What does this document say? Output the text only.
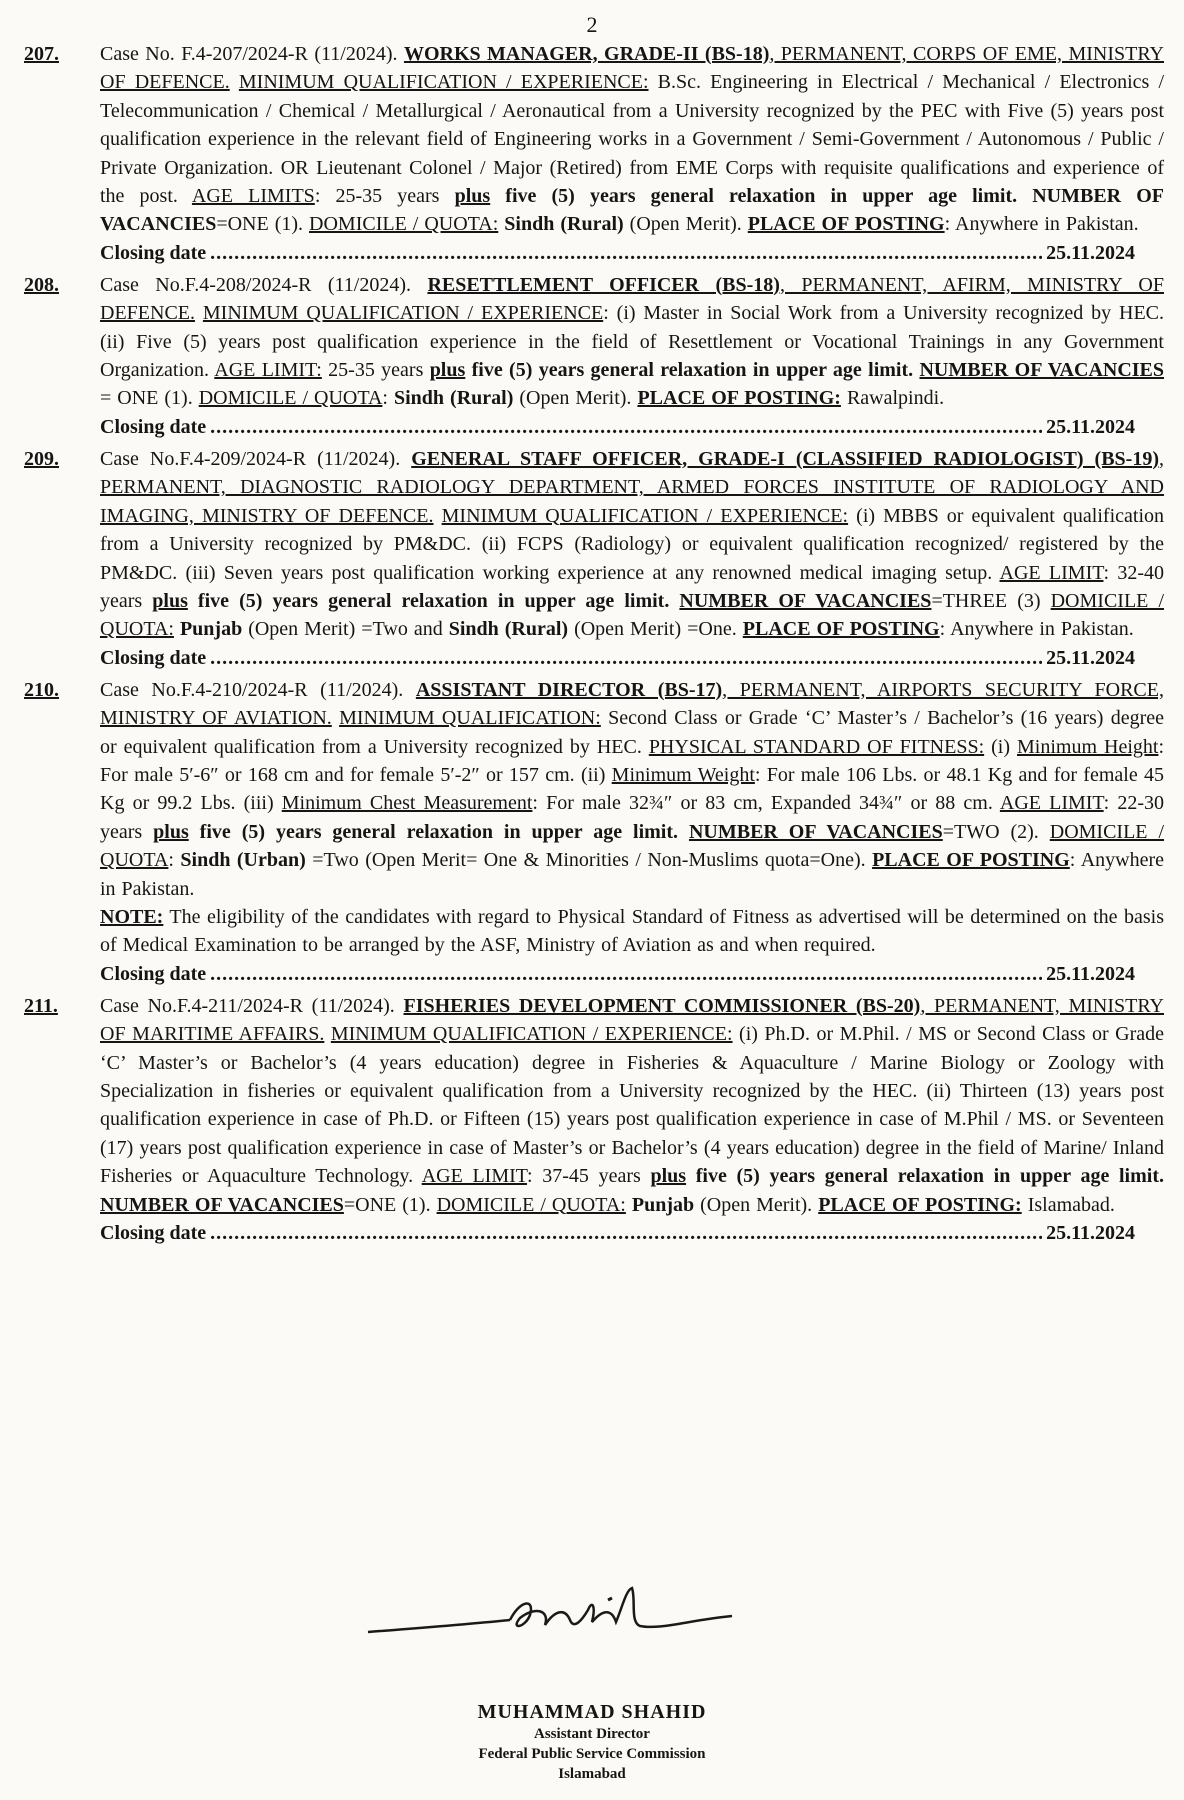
2
207. Case No. F.4-207/2024-R (11/2024). WORKS MANAGER, GRADE-II (BS-18), PERMANENT, CORPS OF EME, MINISTRY OF DEFENCE. MINIMUM QUALIFICATION / EXPERIENCE: B.Sc. Engineering in Electrical / Mechanical / Electronics / Telecommunication / Chemical / Metallurgical / Aeronautical from a University recognized by the PEC with Five (5) years post qualification experience in the relevant field of Engineering works in a Government / Semi-Government / Autonomous / Public / Private Organization. OR Lieutenant Colonel / Major (Retired) from EME Corps with requisite qualifications and experience of the post. AGE LIMITS: 25-35 years plus five (5) years general relaxation in upper age limit. NUMBER OF VACANCIES=ONE (1). DOMICILE / QUOTA: Sindh (Rural) (Open Merit). PLACE OF POSTING: Anywhere in Pakistan.
Closing date .....	25.11.2024
208. Case No.F.4-208/2024-R (11/2024). RESETTLEMENT OFFICER (BS-18), PERMANENT, AFIRM, MINISTRY OF DEFENCE. MINIMUM QUALIFICATION / EXPERIENCE: (i) Master in Social Work from a University recognized by HEC. (ii) Five (5) years post qualification experience in the field of Resettlement or Vocational Trainings in any Government Organization. AGE LIMIT: 25-35 years plus five (5) years general relaxation in upper age limit. NUMBER OF VACANCIES = ONE (1). DOMICILE / QUOTA: Sindh (Rural) (Open Merit). PLACE OF POSTING: Rawalpindi.
Closing date .....	25.11.2024
209. Case No.F.4-209/2024-R (11/2024). GENERAL STAFF OFFICER, GRADE-I (CLASSIFIED RADIOLOGIST) (BS-19), PERMANENT, DIAGNOSTIC RADIOLOGY DEPARTMENT, ARMED FORCES INSTITUTE OF RADIOLOGY AND IMAGING, MINISTRY OF DEFENCE. MINIMUM QUALIFICATION / EXPERIENCE: (i) MBBS or equivalent qualification from a University recognized by PM&DC. (ii) FCPS (Radiology) or equivalent qualification recognized/ registered by the PM&DC. (iii) Seven years post qualification working experience at any renowned medical imaging setup. AGE LIMIT: 32-40 years plus five (5) years general relaxation in upper age limit. NUMBER OF VACANCIES=THREE (3) DOMICILE / QUOTA: Punjab (Open Merit) =Two and Sindh (Rural) (Open Merit) =One. PLACE OF POSTING: Anywhere in Pakistan.
Closing date .....	25.11.2024
210. Case No.F.4-210/2024-R (11/2024). ASSISTANT DIRECTOR (BS-17), PERMANENT, AIRPORTS SECURITY FORCE, MINISTRY OF AVIATION. MINIMUM QUALIFICATION: Second Class or Grade ‘C’ Master’s / Bachelor’s (16 years) degree or equivalent qualification from a University recognized by HEC. PHYSICAL STANDARD OF FITNESS: (i) Minimum Height: For male 5′-6″ or 168 cm and for female 5′-2″ or 157 cm. (ii) Minimum Weight: For male 106 Lbs. or 48.1 Kg and for female 45 Kg or 99.2 Lbs. (iii) Minimum Chest Measurement: For male 32¾″ or 83 cm, Expanded 34¾″ or 88 cm. AGE LIMIT: 22-30 years plus five (5) years general relaxation in upper age limit. NUMBER OF VACANCIES=TWO (2). DOMICILE / QUOTA: Sindh (Urban) =Two (Open Merit= One & Minorities / Non-Muslims quota=One). PLACE OF POSTING: Anywhere in Pakistan.
NOTE: The eligibility of the candidates with regard to Physical Standard of Fitness as advertised will be determined on the basis of Medical Examination to be arranged by the ASF, Ministry of Aviation as and when required.
Closing date .....	25.11.2024
211. Case No.F.4-211/2024-R (11/2024). FISHERIES DEVELOPMENT COMMISSIONER (BS-20), PERMANENT, MINISTRY OF MARITIME AFFAIRS. MINIMUM QUALIFICATION / EXPERIENCE: (i) Ph.D. or M.Phil. / MS or Second Class or Grade ‘C’ Master’s or Bachelor’s (4 years education) degree in Fisheries & Aquaculture / Marine Biology or Zoology with Specialization in fisheries or equivalent qualification from a University recognized by the HEC. (ii) Thirteen (13) years post qualification experience in case of Ph.D. or Fifteen (15) years post qualification experience in case of M.Phil / MS. or Seventeen (17) years post qualification experience in case of Master’s or Bachelor’s (4 years education) degree in the field of Marine/ Inland Fisheries or Aquaculture Technology. AGE LIMIT: 37-45 years plus five (5) years general relaxation in upper age limit. NUMBER OF VACANCIES=ONE (1). DOMICILE / QUOTA: Punjab (Open Merit). PLACE OF POSTING: Islamabad.
Closing date .....	25.11.2024
MUHAMMAD SHAHID
Assistant Director
Federal Public Service Commission
Islamabad
